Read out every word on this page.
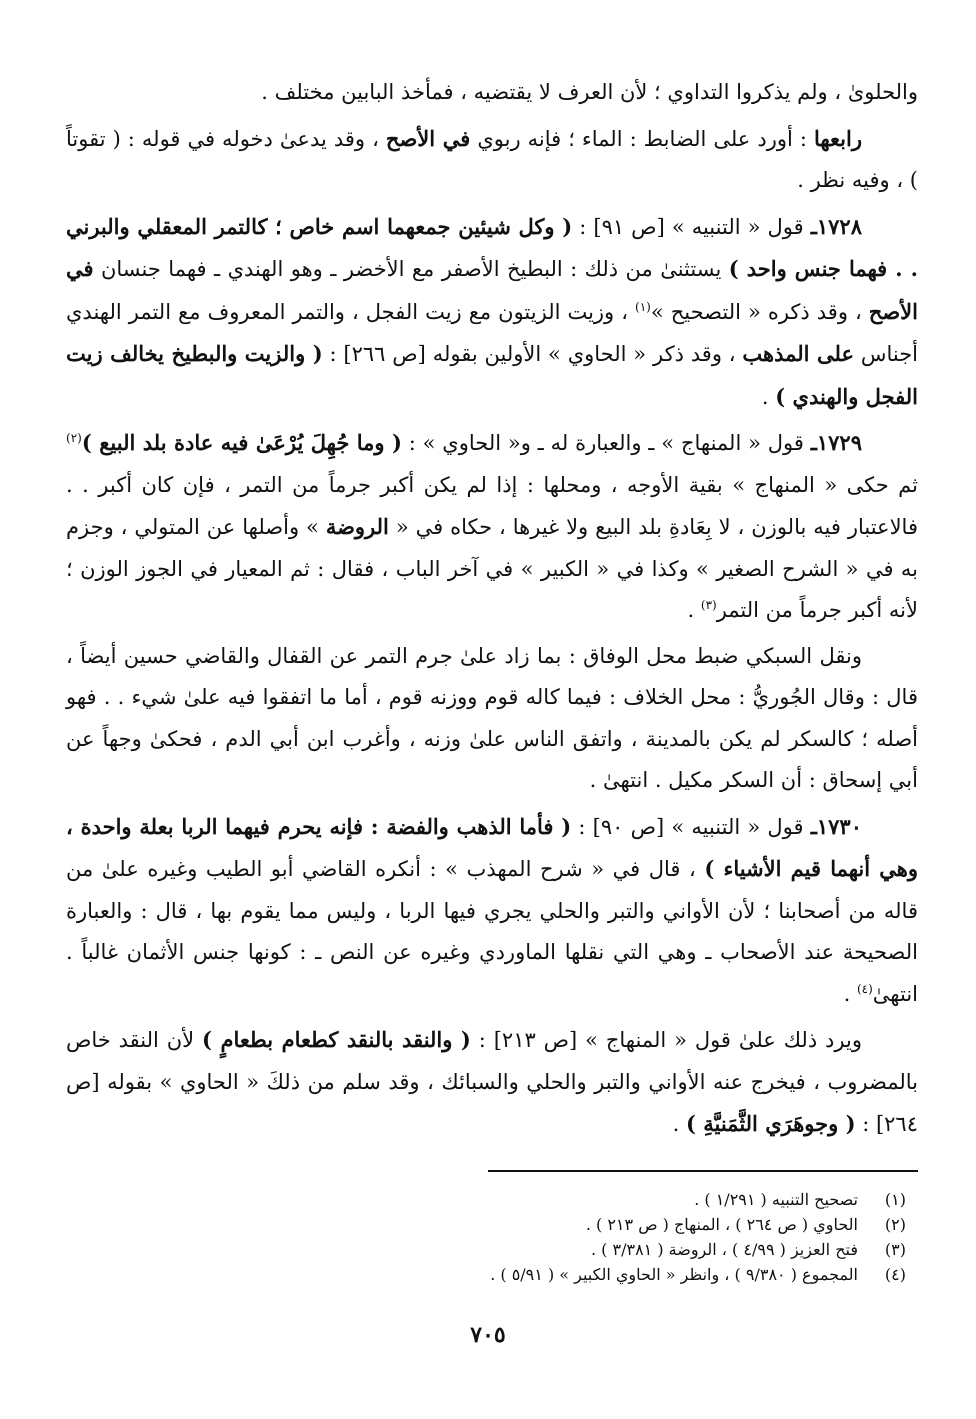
والحلوىٰ ، ولم يذكروا التداوي ؛ لأن العرف لا يقتضيه ، فمأخذ البابين مختلف .

رابعها : أورد على الضابط : الماء ؛ فإنه ربوي في الأصح ، وقد يدعىٰ دخوله في قوله : ( تقوتاً ) ، وفيه نظر .

١٧٢٨ـ قول « التنبيه » [ص ٩١] : ( وكل شيئين جمعهما اسم خاص ؛ كالتمر المعقلي والبرني . . فهما جنس واحد ) يستثنىٰ من ذلك : البطيخ الأصفر مع الأخضر ـ وهو الهندي ـ فهما جنسان في الأصح ، وقد ذكره « التصحيح »$^{(١)}$ ، وزيت الزيتون مع زيت الفجل ، والتمر المعروف مع التمر الهندي أجناس على المذهب ، وقد ذكر « الحاوي » الأولين بقوله [ص ٢٦٦] : ( والزيت والبطيخ يخالف زيت الفجل والهندي ) .

١٧٢٩ـ قول « المنهاج » ـ والعبارة له ـ و« الحاوي » : ( وما جُهِلَ يُرْعَىٰ فيه عادة بلد البيع )$^{(٢)}$ ثم حكى « المنهاج » بقية الأوجه ، ومحلها : إذا لم يكن أكبر جرماً من التمر ، فإن كان أكبر . . فالاعتبار فيه بالوزن ، لا بِعَادةِ بلد البيع ولا غيرها ، حكاه في « الروضة » وأصلها عن المتولي ، وجزم به في « الشرح الصغير » وكذا في « الكبير » في آخر الباب ، فقال : ثم المعيار في الجوز الوزن ؛ لأنه أكبر جرماً من التمر$^{(٣)}$ .

ونقل السبكي ضبط محل الوفاق : بما زاد علىٰ جرم التمر عن القفال والقاضي حسين أيضاً ، قال : وقال الجُوريُّ : محل الخلاف : فيما كاله قوم ووزنه قوم ، أما ما اتفقوا فيه علىٰ شيء . . فهو أصله ؛ كالسكر لم يكن بالمدينة ، واتفق الناس علىٰ وزنه ، وأغرب ابن أبي الدم ، فحكىٰ وجهاً عن أبي إسحاق : أن السكر مكيل . انتهىٰ .

١٧٣٠ـ قول « التنبيه » [ص ٩٠] : ( فأما الذهب والفضة : فإنه يحرم فيهما الربا بعلة واحدة ، وهي أنهما قيم الأشياء ) ، قال في « شرح المهذب » : أنكره القاضي أبو الطيب وغيره علىٰ من قاله من أصحابنا ؛ لأن الأواني والتبر والحلي يجري فيها الربا ، وليس مما يقوم بها ، قال : والعبارة الصحيحة عند الأصحاب ـ وهي التي نقلها الماوردي وغيره عن النص ـ : كونها جنس الأثمان غالباً . انتهىٰ$^{(٤)}$ .

ويرد ذلك علىٰ قول « المنهاج » [ص ٢١٣] : ( والنقد بالنقد كطعام بطعامٍ ) لأن النقد خاص بالمضروب ، فيخرج عنه الأواني والتبر والحلي والسبائك ، وقد سلم من ذلكَ « الحاوي » بقوله [ص ٢٦٤] : ( وجوهَرَي الثَّمَنيَّةِ ) .

(١)
تصحيح التنبيه ( ١/٢٩١ ) .
(٢)
الحاوي ( ص ٢٦٤ ) ، المنهاج ( ص ٢١٣ ) .
(٣)
فتح العزيز ( ٤/٩٩ ) ، الروضة ( ٣/٣٨١ ) .
(٤)
المجموع ( ٩/٣٨٠ ) ، وانظر « الحاوي الكبير » ( ٥/٩١ ) .
٧٠٥
